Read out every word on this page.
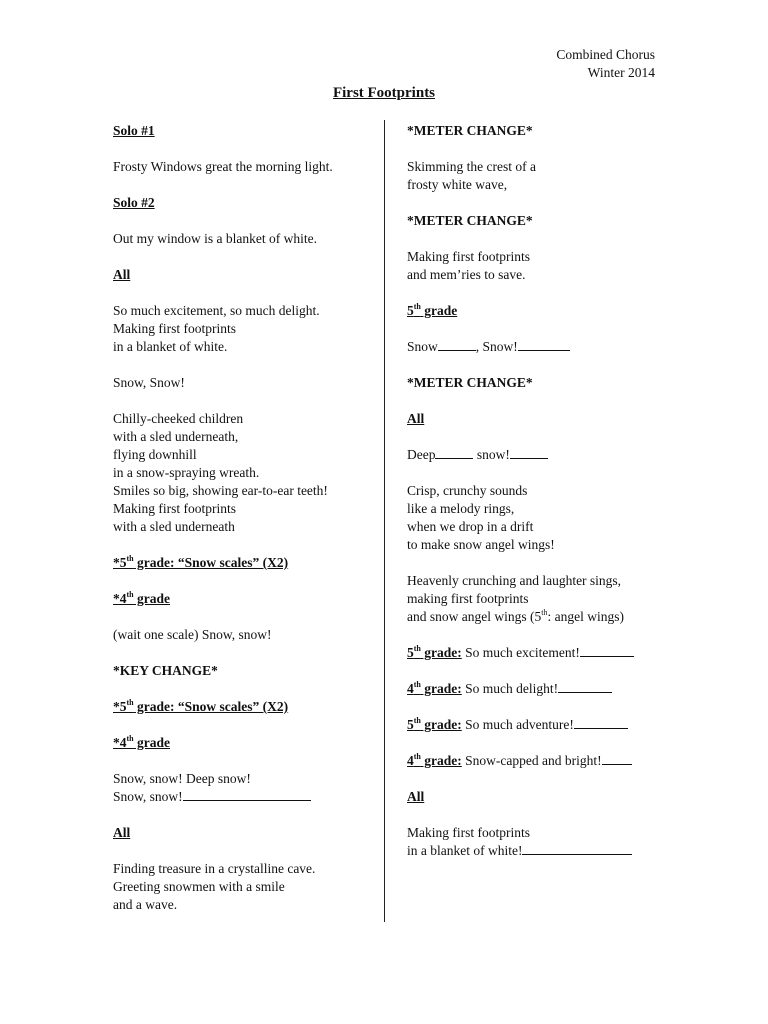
Combined Chorus
Winter 2014
First Footprints
Solo #1
Frosty Windows great the morning light.
Solo #2
Out my window is a blanket of white.
All
So much excitement, so much delight.
Making first footprints
in a blanket of white.
Snow, Snow!
Chilly-cheeked children
with a sled underneath,
flying downhill
in a snow-spraying wreath.
Smiles so big, showing ear-to-ear teeth!
Making first footprints
with a sled underneath
*5th grade: “Snow scales” (X2)
*4th grade
(wait one scale) Snow, snow!
*KEY CHANGE*
*5th grade: “Snow scales” (X2)
*4th grade
Snow, snow! Deep snow!
Snow, snow!
All
Finding treasure in a crystalline cave.
Greeting snowmen with a smile
and a wave.
*METER CHANGE*
Skimming the crest of a
frosty white wave,
*METER CHANGE*
Making first footprints
and mem’ries to save.
5th grade
Snow	, Snow!
*METER CHANGE*
All
Deep	snow!
Crisp, crunchy sounds
like a melody rings,
when we drop in a drift
to make snow angel wings!
Heavenly crunching and laughter sings,
making first footprints
and snow angel wings (5th: angel wings)
5th grade: So much excitement!
4th grade: So much delight!
5th grade: So much adventure!
4th grade: Snow-capped and bright!
All
Making first footprints
in a blanket of white!
